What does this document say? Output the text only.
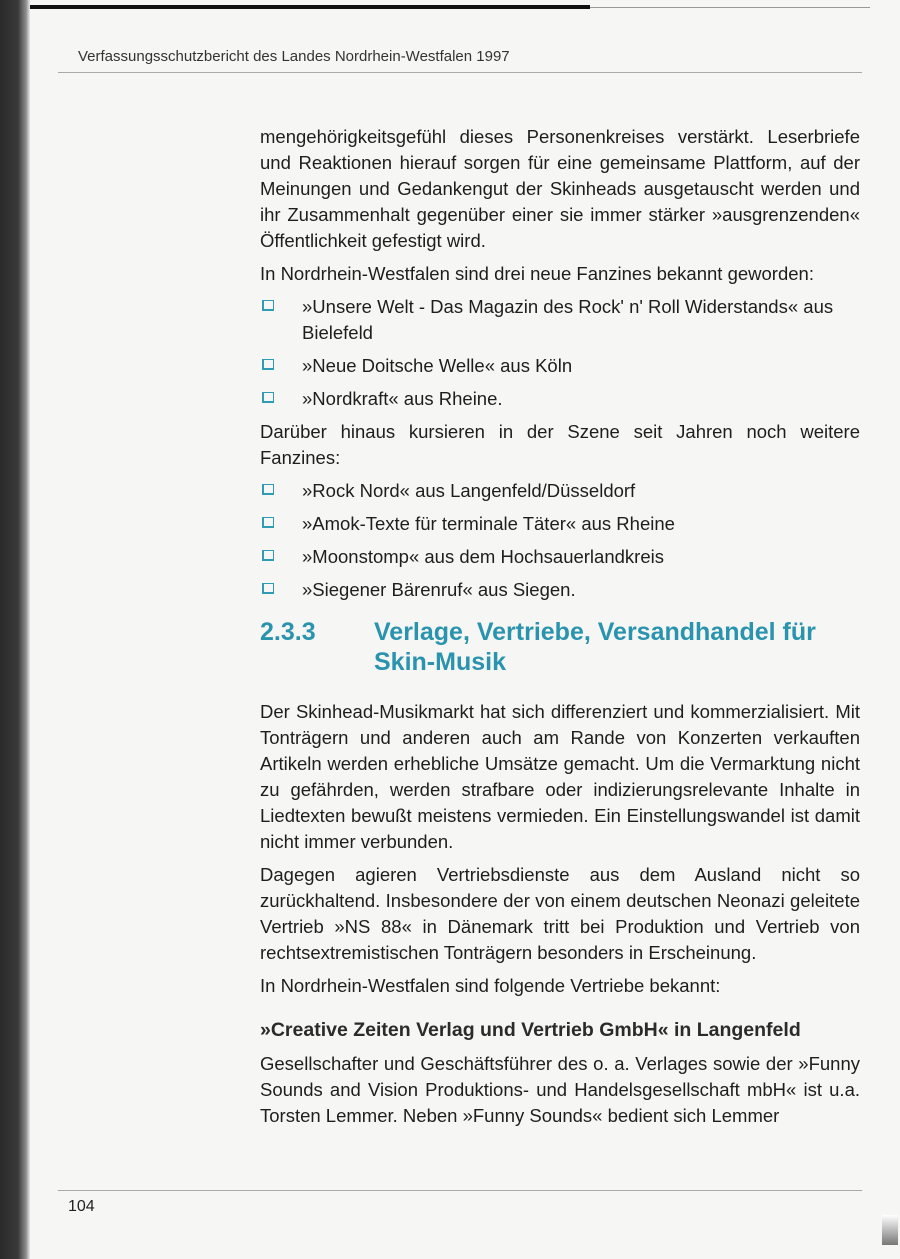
Verfassungsschutzbericht des Landes Nordrhein-Westfalen 1997

mengehörigkeitsgefühl dieses Personenkreises verstärkt. Leserbriefe und Reaktionen hierauf sorgen für eine gemeinsame Plattform, auf der Meinungen und Gedankengut der Skinheads ausgetauscht werden und ihr Zusammenhalt gegenüber einer sie immer stärker »ausgrenzenden« Öffentlichkeit gefestigt wird.

In Nordrhein-Westfalen sind drei neue Fanzines bekannt geworden:

»Unsere Welt - Das Magazin des Rock' n' Roll Widerstands« aus Bielefeld
»Neue Doitsche Welle« aus Köln
»Nordkraft« aus Rheine.

Darüber hinaus kursieren in der Szene seit Jahren noch weitere Fanzines:

»Rock Nord« aus Langenfeld/Düsseldorf
»Amok-Texte für terminale Täter« aus Rheine
»Moonstomp« aus dem Hochsauerlandkreis
»Siegener Bärenruf« aus Siegen.
2.3.3	Verlage, Vertriebe, Versandhandel für Skin-Musik

Der Skinhead-Musikmarkt hat sich differenziert und kommerzialisiert. Mit Tonträgern und anderen auch am Rande von Konzerten verkauften Artikeln werden erhebliche Umsätze gemacht. Um die Vermarktung nicht zu gefährden, werden strafbare oder indizierungsrelevante Inhalte in Liedtexten bewußt meistens vermieden. Ein Einstellungswandel ist damit nicht immer verbunden.

Dagegen agieren Vertriebsdienste aus dem Ausland nicht so zurückhaltend. Insbesondere der von einem deutschen Neonazi geleitete Vertrieb »NS 88« in Dänemark tritt bei Produktion und Vertrieb von rechtsextremistischen Tonträgern besonders in Erscheinung.

In Nordrhein-Westfalen sind folgende Vertriebe bekannt:

»Creative Zeiten Verlag und Vertrieb GmbH« in Langenfeld

Gesellschafter und Geschäftsführer des o. a. Verlages sowie der »Funny Sounds and Vision Produktions- und Handelsgesellschaft mbH« ist u.a. Torsten Lemmer. Neben »Funny Sounds« bedient sich Lemmer

104
